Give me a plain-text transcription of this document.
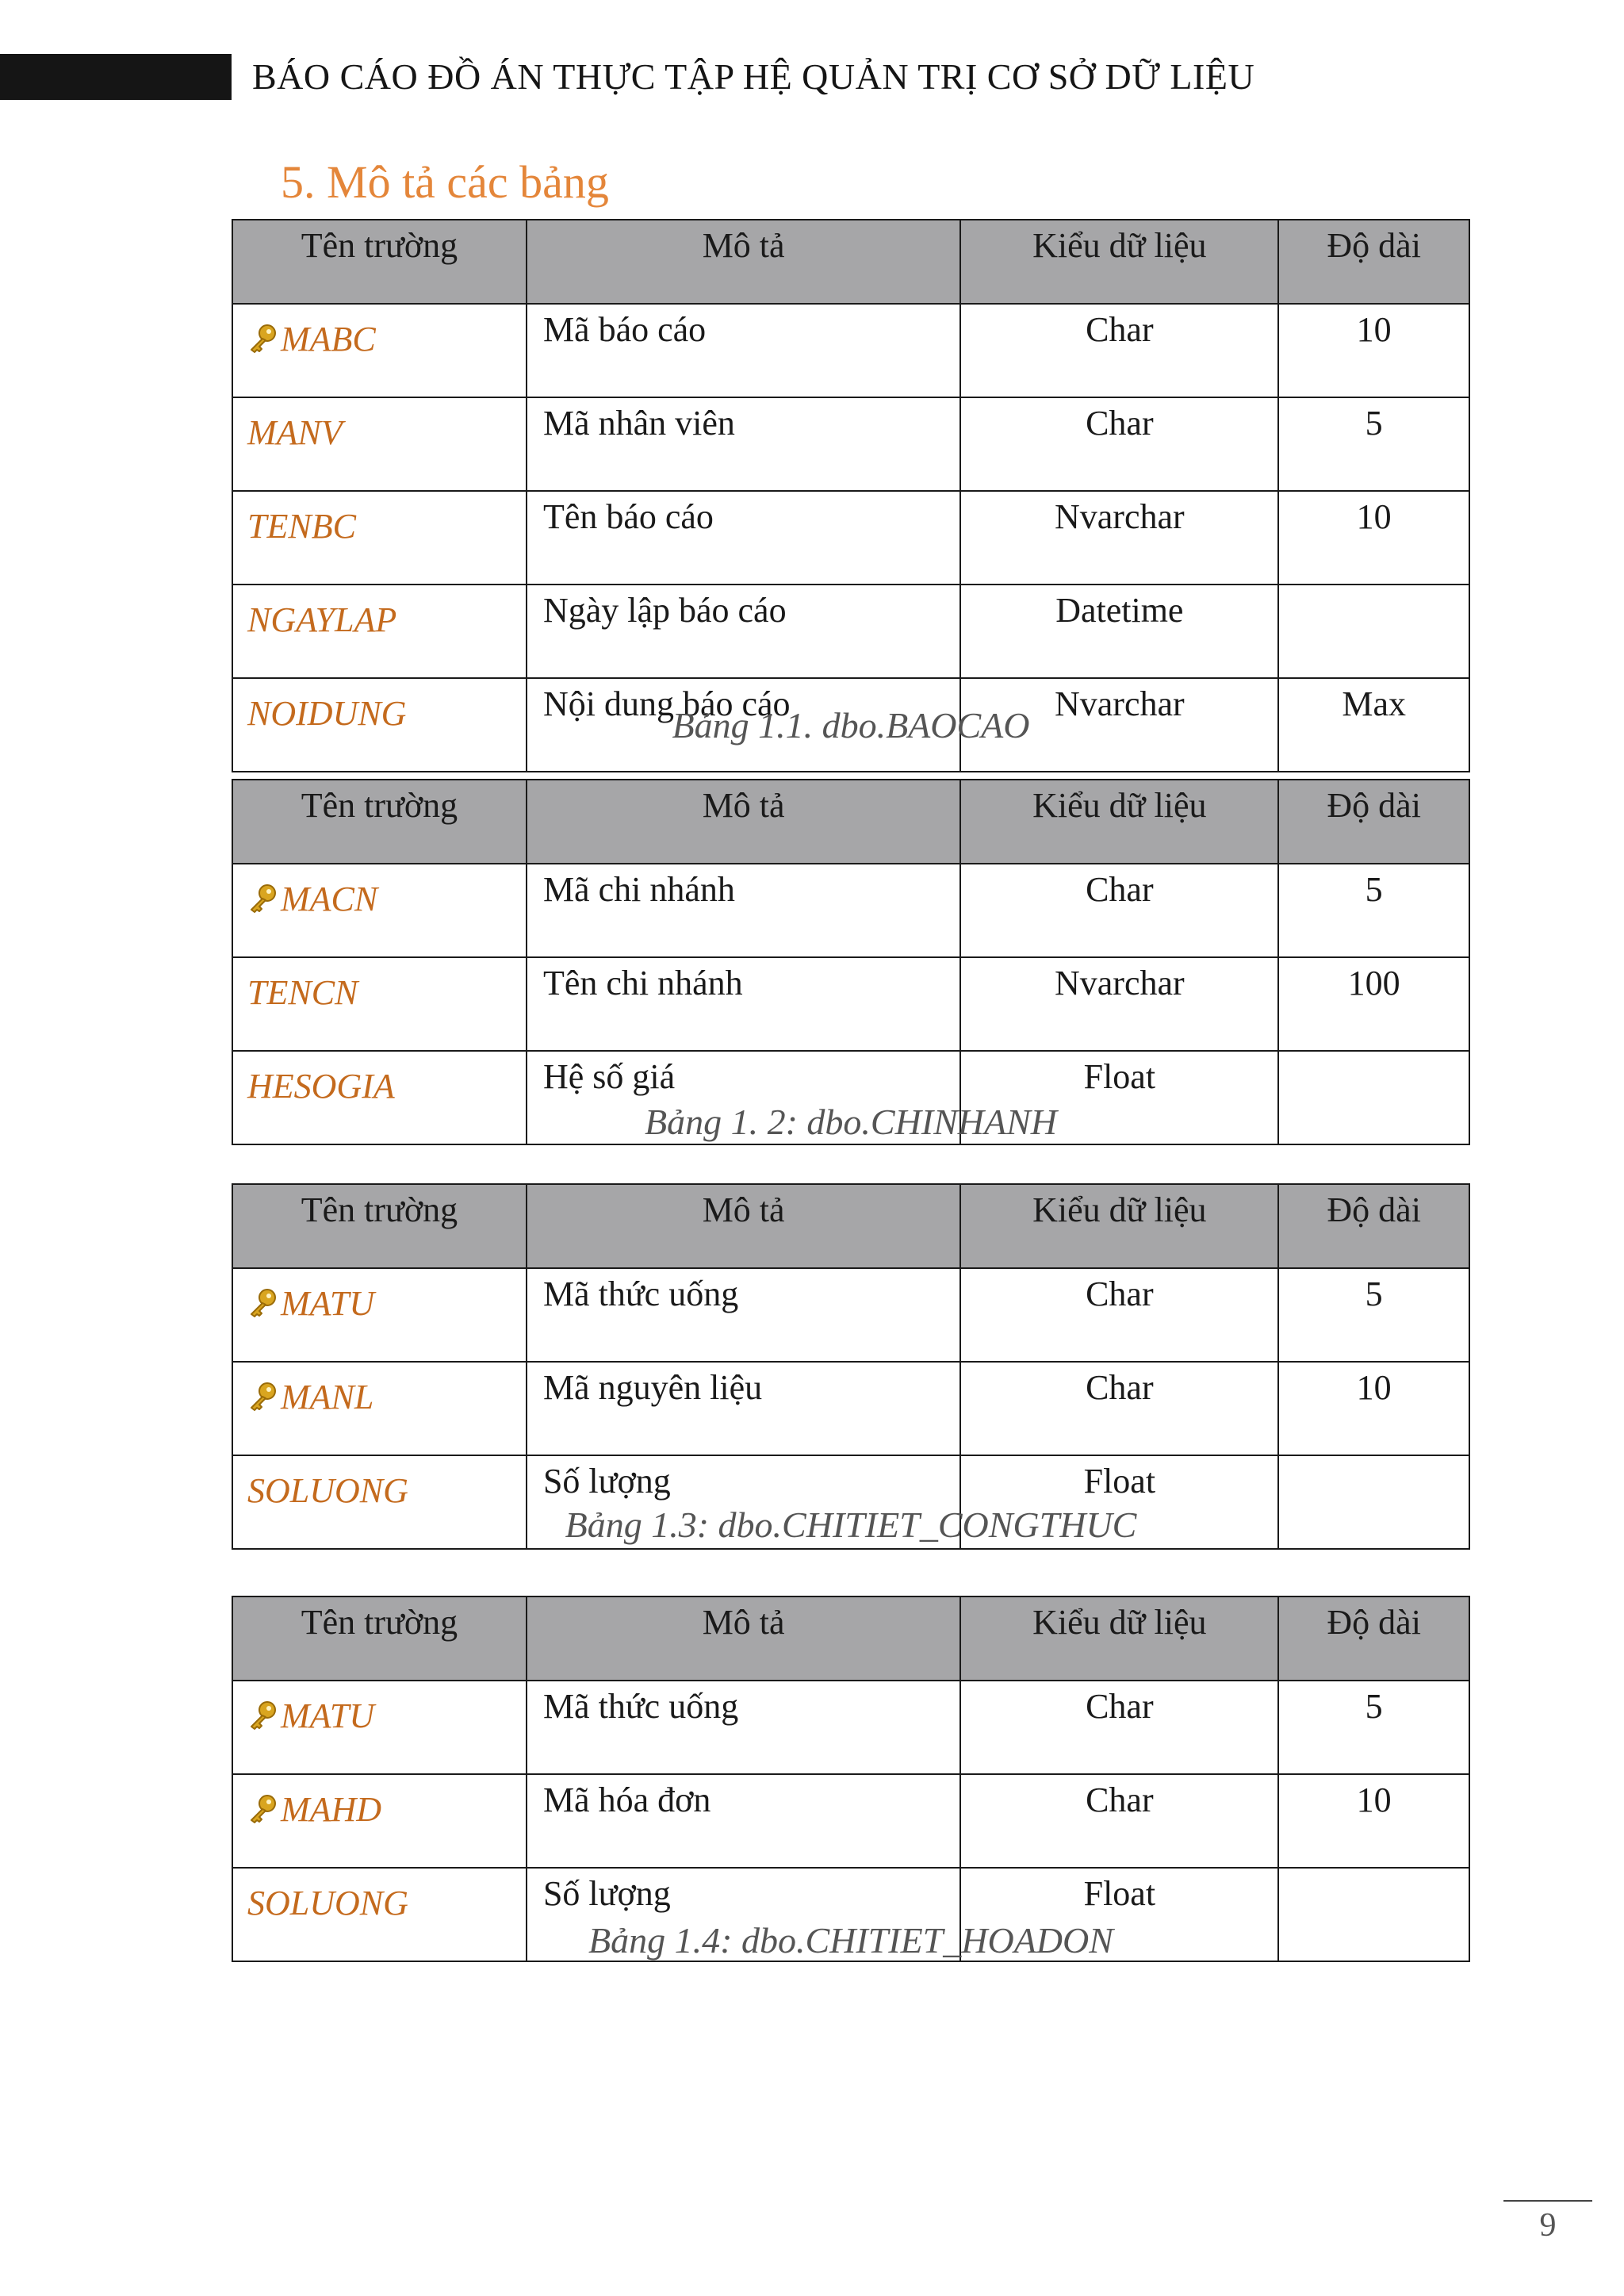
BÁO CÁO ĐỒ ÁN THỰC TẬP HỆ QUẢN TRỊ CƠ SỞ DỮ LIỆU
5. Mô tả các bảng
Tên trường	Mô tả	Kiểu dữ liệu	Độ dài
MABC	Mã báo cáo	Char	10
MANV	Mã nhân viên	Char	5
TENBC	Tên báo cáo	Nvarchar	10
NGAYLAP	Ngày lập báo cáo	Datetime	
NOIDUNG	Nội dung báo cáo	Nvarchar	Max
Bảng 1.1. dbo.BAOCAO
Tên trường	Mô tả	Kiểu dữ liệu	Độ dài
MACN	Mã chi nhánh	Char	5
TENCN	Tên chi nhánh	Nvarchar	100
HESOGIA	Hệ số giá	Float	
Bảng 1. 2: dbo.CHINHANH
Tên trường	Mô tả	Kiểu dữ liệu	Độ dài
MATU	Mã thức uống	Char	5
MANL	Mã nguyên liệu	Char	10
SOLUONG	Số lượng	Float	
Bảng 1.3: dbo.CHITIET_CONGTHUC
Tên trường	Mô tả	Kiểu dữ liệu	Độ dài
MATU	Mã thức uống	Char	5
MAHD	Mã hóa đơn	Char	10
SOLUONG	Số lượng	Float	
Bảng 1.4: dbo.CHITIET_HOADON
9
